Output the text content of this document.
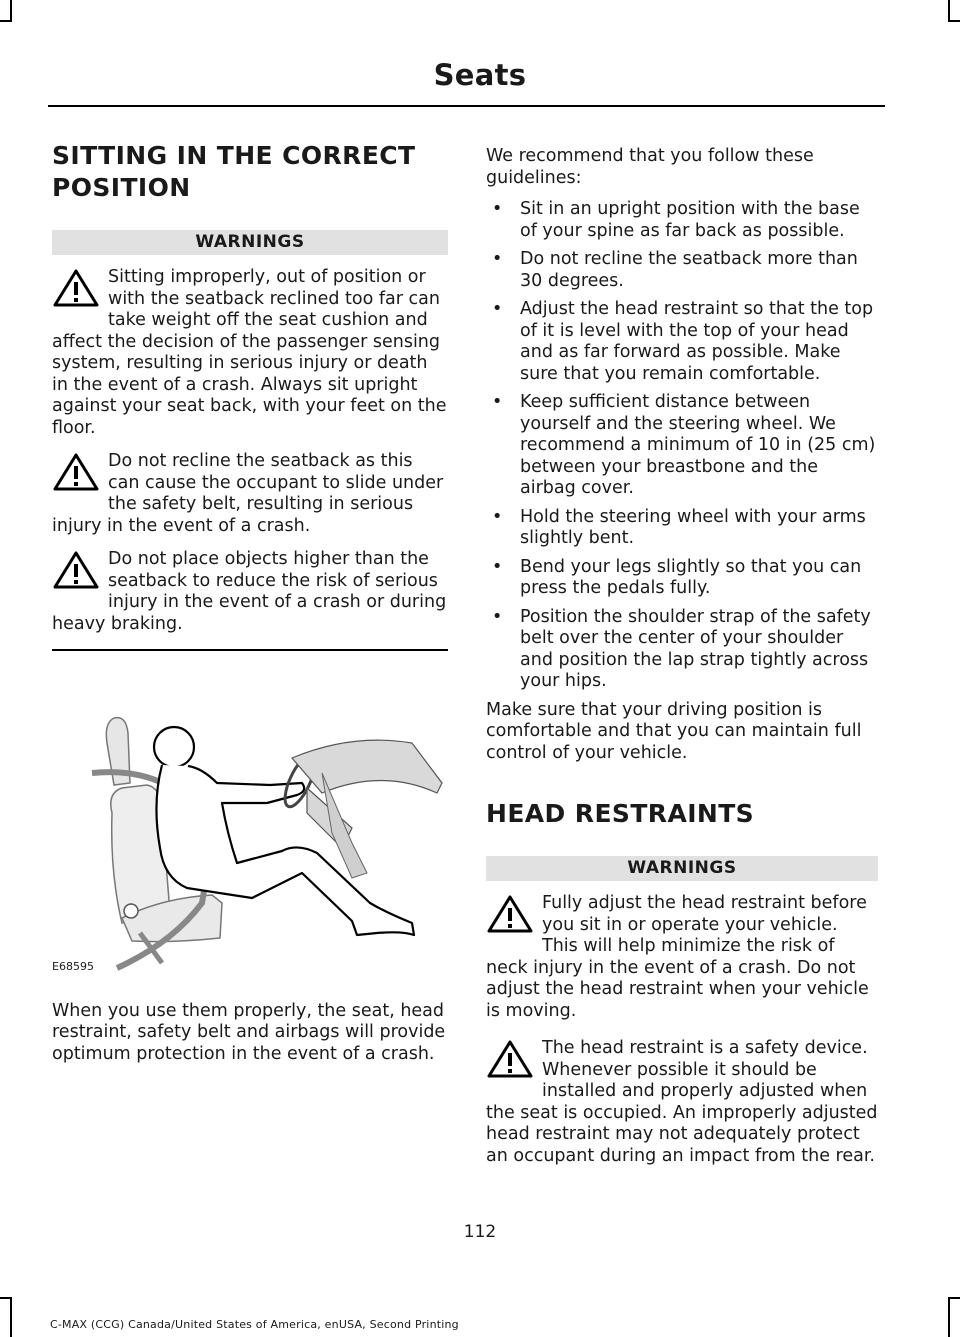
Seats
SITTING IN THE CORRECT
POSITION
WARNINGS

Sitting improperly, out of position or with the seatback reclined too far can take weight off the seat cushion and affect the decision of the passenger sensing system, resulting in serious injury or death in the event of a crash. Always sit upright against your seat back, with your feet on the floor.

Do not recline the seatback as this can cause the occupant to slide under the safety belt, resulting in serious injury in the event of a crash.

Do not place objects higher than the seatback to reduce the risk of serious injury in the event of a crash or during heavy braking.

E68595

When you use them properly, the seat, head restraint, safety belt and airbags will provide optimum protection in the event of a crash.

We recommend that you follow these guidelines:

• Sit in an upright position with the base of your spine as far back as possible.
• Do not recline the seatback more than 30 degrees.
• Adjust the head restraint so that the top of it is level with the top of your head and as far forward as possible. Make sure that you remain comfortable.
• Keep sufficient distance between yourself and the steering wheel. We recommend a minimum of 10 in (25 cm) between your breastbone and the airbag cover.
• Hold the steering wheel with your arms slightly bent.
• Bend your legs slightly so that you can press the pedals fully.
• Position the shoulder strap of the safety belt over the center of your shoulder and position the lap strap tightly across your hips.

Make sure that your driving position is comfortable and that you can maintain full control of your vehicle.

HEAD RESTRAINTS
WARNINGS

Fully adjust the head restraint before you sit in or operate your vehicle. This will help minimize the risk of neck injury in the event of a crash. Do not adjust the head restraint when your vehicle is moving.

The head restraint is a safety device. Whenever possible it should be installed and properly adjusted when the seat is occupied. An improperly adjusted head restraint may not adequately protect an occupant during an impact from the rear.

112
C-MAX (CCG) Canada/United States of America, enUSA, Second Printing
